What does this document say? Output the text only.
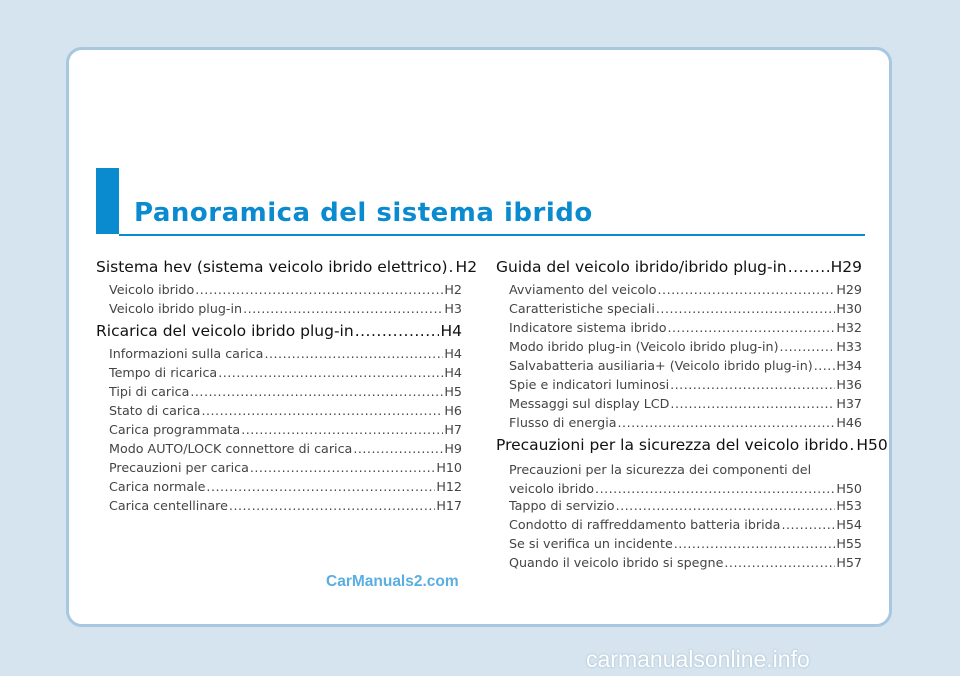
Panoramica del sistema ibrido
Sistema hev (sistema veicolo ibrido elettrico) ..... H2
Veicolo ibrido .....	H2
Veicolo ibrido plug-in .....	H3
Ricarica del veicolo ibrido plug-in .....	H4
Informazioni sulla carica .....	H4
Tempo di ricarica .....	H4
Tipi di carica .....	H5
Stato di carica .....	H6
Carica programmata .....	H7
Modo AUTO/LOCK connettore di carica .....	H9
Precauzioni per carica .....	H10
Carica normale .....	H12
Carica centellinare .....	H17
Guida del veicolo ibrido/ibrido plug-in .....	H29
Avviamento del veicolo .....	H29
Caratteristiche speciali .....	H30
Indicatore sistema ibrido .....	H32
Modo ibrido plug-in (Veicolo ibrido plug-in) .....	H33
Salvabatteria ausiliaria+ (Veicolo ibrido plug-in) ..... H34
Spie e indicatori luminosi .....	H36
Messaggi sul display LCD .....	H37
Flusso di energia .....	H46
Precauzioni per la sicurezza del veicolo ibrido ..... H50
Precauzioni per la sicurezza dei componenti del
veicolo ibrido .....	H50
Tappo di servizio .....	H53
Condotto di raffreddamento batteria ibrida .....	H54
Se si verifica un incidente .....	H55
Quando il veicolo ibrido si spegne .....	H57
CarManuals2.com
carmanualsonline.info
